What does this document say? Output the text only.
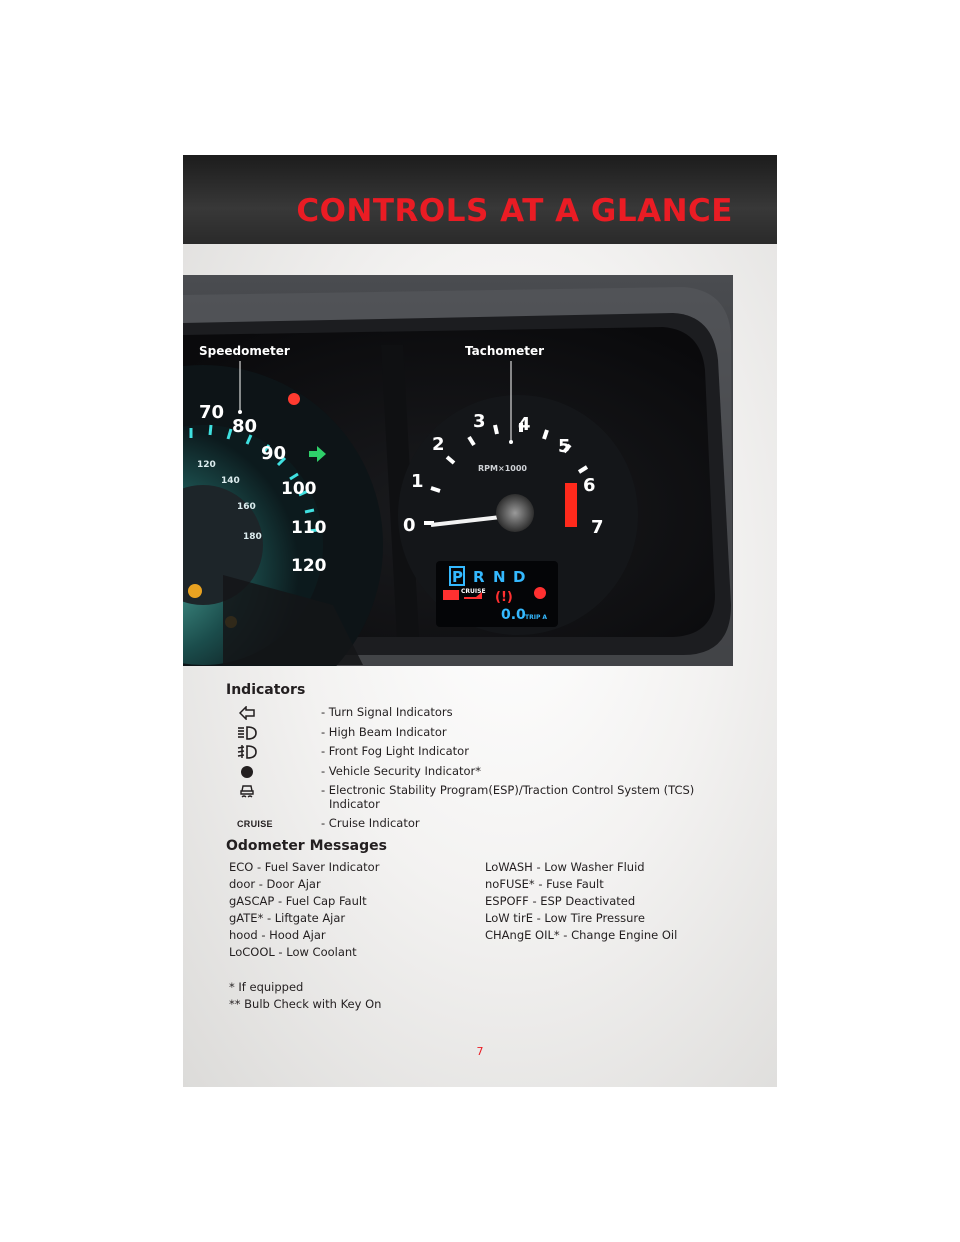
CONTROLS AT A GLANCE
70
80
90
100
110
120
120
140
160
180
0
1
2
3 4
5
6
7
RPM×1000
P R N D
CRUISE (!)
0.0 TRIP A
Speedometer	Tachometer
Indicators
- Turn Signal Indicators
- High Beam Indicator
- Front Fog Light Indicator
- Vehicle Security Indicator*
- Electronic Stability Program(ESP)/Traction Control System (TCS)
Indicator
CRUISE	- Cruise Indicator
Odometer Messages
ECO - Fuel Saver Indicator
door - Door Ajar
gASCAP - Fuel Cap Fault
gATE* - Liftgate Ajar
hood - Hood Ajar
LoCOOL - Low Coolant
LoWASH - Low Washer Fluid
noFUSE* - Fuse Fault
ESPOFF - ESP Deactivated
LoW tirE - Low Tire Pressure
CHAngE OIL* - Change Engine Oil
* If equipped
** Bulb Check with Key On
7
